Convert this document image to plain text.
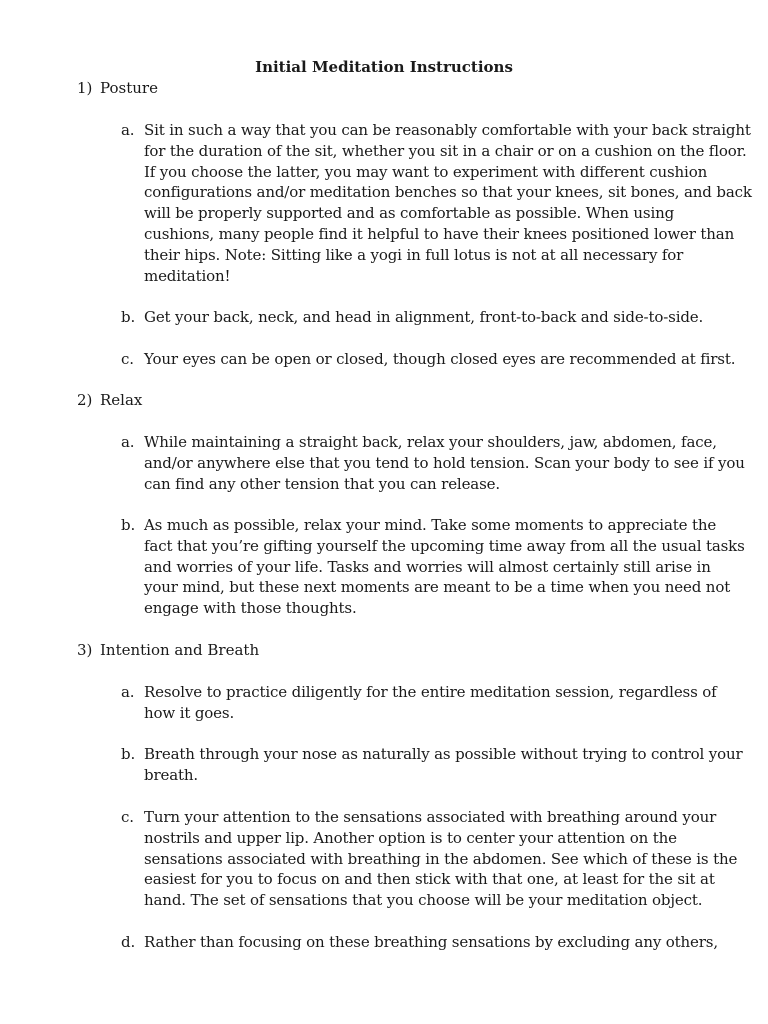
Initial Meditation Instructions
1) Posture
a. Sit in such a way that you can be reasonably comfortable with your back straight
for the duration of the sit, whether you sit in a chair or on a cushion on the floor.
If you choose the latter, you may want to experiment with different cushion
configurations and/or meditation benches so that your knees, sit bones, and back
will be properly supported and as comfortable as possible. When using
cushions, many people find it helpful to have their knees positioned lower than
their hips. Note: Sitting like a yogi in full lotus is not at all necessary for
meditation!
b. Get your back, neck, and head in alignment, front-to-back and side-to-side.
c. Your eyes can be open or closed, though closed eyes are recommended at first.
2) Relax
a. While maintaining a straight back, relax your shoulders, jaw, abdomen, face,
and/or anywhere else that you tend to hold tension. Scan your body to see if you
can find any other tension that you can release.
b. As much as possible, relax your mind. Take some moments to appreciate the
fact that you’re gifting yourself the upcoming time away from all the usual tasks
and worries of your life. Tasks and worries will almost certainly still arise in
your mind, but these next moments are meant to be a time when you need not
engage with those thoughts.
3) Intention and Breath
a. Resolve to practice diligently for the entire meditation session, regardless of
how it goes.
b. Breath through your nose as naturally as possible without trying to control your
breath.
c. Turn your attention to the sensations associated with breathing around your
nostrils and upper lip. Another option is to center your attention on the
sensations associated with breathing in the abdomen. See which of these is the
easiest for you to focus on and then stick with that one, at least for the sit at
hand. The set of sensations that you choose will be your meditation object.
d. Rather than focusing on these breathing sensations by excluding any others,
